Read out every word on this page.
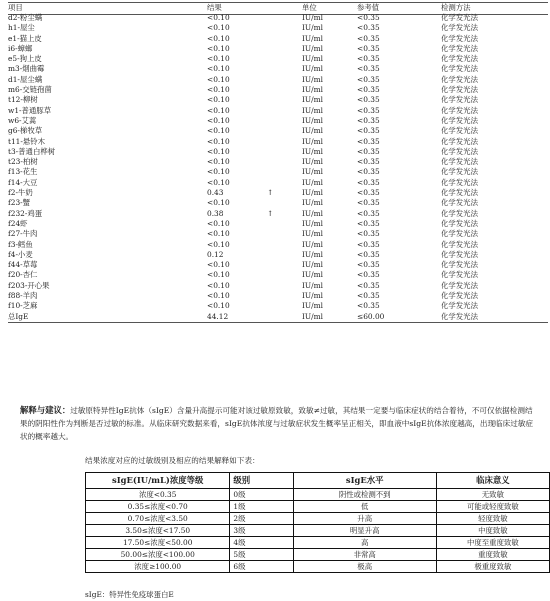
项目	结果	单位	参考值	检测方法
d2-粉尘螨	<0.10	IU/ml	<0.35	化学发光法
h1-屋尘	<0.10	IU/ml	<0.35	化学发光法
e1-猫上皮	<0.10	IU/ml	<0.35	化学发光法
i6-蟑螂	<0.10	IU/ml	<0.35	化学发光法
e5-狗上皮	<0.10	IU/ml	<0.35	化学发光法
m3-烟曲霉	<0.10	IU/ml	<0.35	化学发光法
d1-屋尘螨	<0.10	IU/ml	<0.35	化学发光法
m6-交链孢菌	<0.10	IU/ml	<0.35	化学发光法
t12-柳树	<0.10	IU/ml	<0.35	化学发光法
w1-普通豚草	<0.10	IU/ml	<0.35	化学发光法
w6-艾蒿	<0.10	IU/ml	<0.35	化学发光法
g6-梯牧草	<0.10	IU/ml	<0.35	化学发光法
t11-悬铃木	<0.10	IU/ml	<0.35	化学发光法
t3-普通白桦树	<0.10	IU/ml	<0.35	化学发光法
t23-柏树	<0.10	IU/ml	<0.35	化学发光法
f13-花生	<0.10	IU/ml	<0.35	化学发光法
f14-大豆	<0.10	IU/ml	<0.35	化学发光法
f2-牛奶	0.43	↑	IU/ml	<0.35	化学发光法
f23-蟹	<0.10	IU/ml	<0.35	化学发光法
f232-鸡蛋	0.38	↑	IU/ml	<0.35	化学发光法
f24虾	<0.10	IU/ml	<0.35	化学发光法
f27-牛肉	<0.10	IU/ml	<0.35	化学发光法
f3-鳕鱼	<0.10	IU/ml	<0.35	化学发光法
f4-小麦	0.12	IU/ml	<0.35	化学发光法
f44-草莓	<0.10	IU/ml	<0.35	化学发光法
f20-杏仁	<0.10	IU/ml	<0.35	化学发光法
f203-开心果	<0.10	IU/ml	<0.35	化学发光法
f88-羊肉	<0.10	IU/ml	<0.35	化学发光法
f10-芝麻	<0.10	IU/ml	<0.35	化学发光法
总IgE	44.12	IU/ml	≤60.00	化学发光法
解释与建议：过敏原特异性IgE抗体（sIgE）含量升高提示可能对该过敏原致敏，致敏≠过敏，其结果一定要与临床症状的结合着待，不可仅依据检测结果的阴阳性作为判断是否过敏的标准。从临床研究数据来看，sIgE抗体浓度与过敏症状发生概率呈正相关，即血液中sIgE抗体浓度越高，出现临床过敏症状的概率越大。
结果浓度对应的过敏级别及相应的结果解释如下表：
sIgE(IU/mL)浓度等级	级别	sIgE水平	临床意义
浓度<0.35	0级	阴性或检测不到	无致敏
0.35≤浓度<0.70	1级	低	可能或轻度致敏
0.70≤浓度<3.50	2级	升高	轻度致敏
3.50≤浓度<17.50	3级	明显升高	中度致敏
17.50≤浓度<50.00	4级	高	中度至重度致敏
50.00≤浓度<100.00	5级	非常高	重度致敏
浓度≥100.00	6级	极高	极重度致敏
sIgE：特异性免疫球蛋白E
